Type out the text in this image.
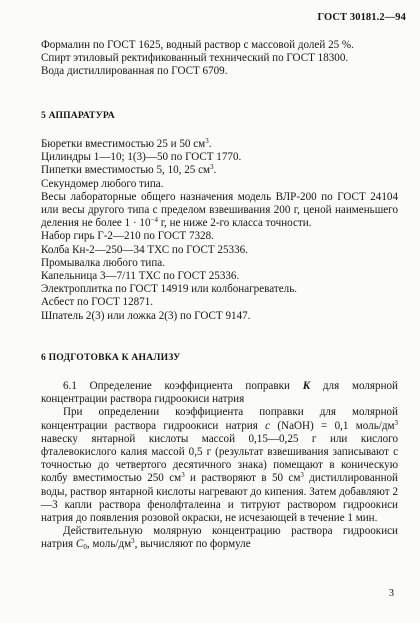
ГОСТ 30181.2—94

Формалин по ГОСТ 1625, водный раствор с массовой долей 25 %.

Спирт этиловый ректификованный технический по ГОСТ 18300.

Вода дистиллированная по ГОСТ 6709.

5 АППАРАТУРА

Бюретки вместимостью 25 и 50 $см^3$.

Цилиндры 1—10; 1(3)—50 по ГОСТ 1770.

Пипетки вместимостью 5, 10, 25 $см^3$.

Секундомер любого типа.

Весы лабораторные общего назначения модель ВЛР-200 по ГОСТ 24104 или весы другого типа с пределом взвешивания 200 г, ценой наименьшего деления не более $1 \cdot 10^{-4}$ г, не ниже 2-го класса точности.

Набор гирь Г-2—210 по ГОСТ 7328.

Колба Кн-2—250—34 ТХС по ГОСТ 25336.

Промывалка любого типа.

Капельница 3—7/11 ТХС по ГОСТ 25336.

Электроплитка по ГОСТ 14919 или колбонагреватель.

Асбест по ГОСТ 12871.

Шпатель 2(3) или ложка 2(3) по ГОСТ 9147.

6 ПОДГОТОВКА К АНАЛИЗУ

6.1 Определение коэффициента поправки K для молярной концентрации раствора гидроокиси натрия

При определении коэффициента поправки для молярной концентрации раствора гидроокиси натрия c (NaOH) = 0,1 моль/$дм^3$ навеску янтарной кислоты массой 0,15—0,25 г или кислого фталевокислого калия массой 0,5 г (результат взвешивания записывают с точностью до четвертого десятичного знака) помещают в коническую колбу вместимостью 250 $см^3$ и растворяют в 50 $см^3$ дистиллированной воды, раствор янтарной кислоты нагревают до кипения. Затем добавляют 2—3 капли раствора фенолфталеина и титруют раствором гидроокиси натрия до появления розовой окраски, не исчезающей в течение 1 мин.

Действительную молярную концентрацию раствора гидроокиси натрия $C_0$, моль/$дм^3$, вычисляют по формуле

3
